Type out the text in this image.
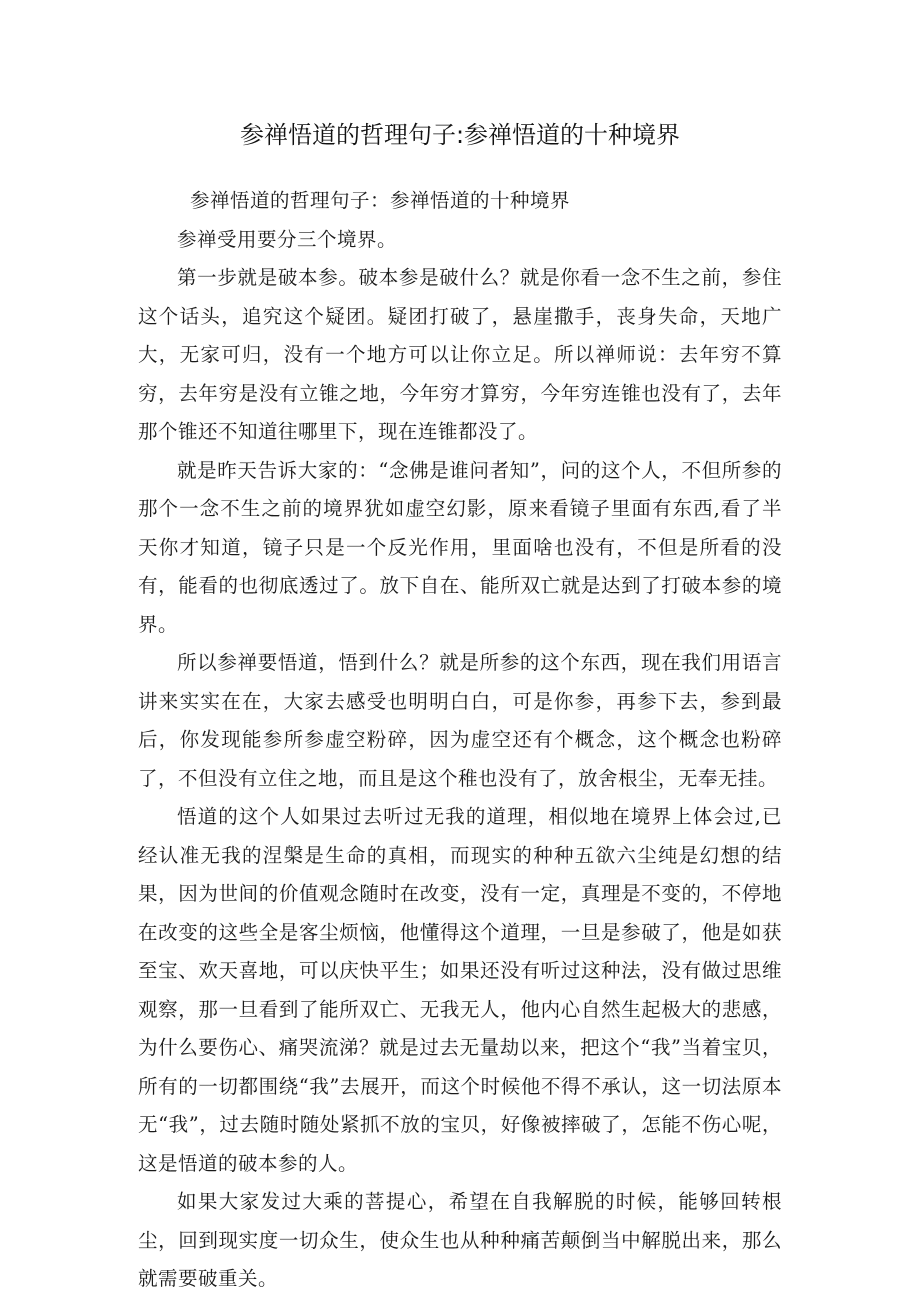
参禅悟道的哲理句子:参禅悟道的十种境界

参禅悟道的哲理句子：参禅悟道的十种境界

参禅受用要分三个境界。

第一步就是破本参。破本参是破什么？就是你看一念不生之前，参住这个话头，追究这个疑团。疑团打破了，悬崖撒手，丧身失命，天地广大，无家可归，没有一个地方可以让你立足。所以禅师说：去年穷不算穷，去年穷是没有立锥之地，今年穷才算穷，今年穷连锥也没有了，去年那个锥还不知道往哪里下，现在连锥都没了。

就是昨天告诉大家的：“念佛是谁问者知”，问的这个人，不但所参的那个一念不生之前的境界犹如虚空幻影，原来看镜子里面有东西,看了半天你才知道，镜子只是一个反光作用，里面啥也没有，不但是所看的没有，能看的也彻底透过了。放下自在、能所双亡就是达到了打破本参的境界。

所以参禅要悟道，悟到什么？就是所参的这个东西，现在我们用语言讲来实实在在，大家去感受也明明白白，可是你参，再参下去，参到最后，你发现能参所参虚空粉碎，因为虚空还有个概念，这个概念也粉碎了，不但没有立住之地，而且是这个稚也没有了，放舍根尘，无奉无挂。

悟道的这个人如果过去听过无我的道理，相似地在境界上体会过,已经认准无我的涅槃是生命的真相，而现实的种种五欲六尘纯是幻想的结果，因为世间的价值观念随时在改变，没有一定，真理是不变的，不停地在改变的这些全是客尘烦恼，他懂得这个道理，一旦是参破了，他是如获至宝、欢天喜地，可以庆快平生；如果还没有听过这种法，没有做过思维观察，那一旦看到了能所双亡、无我无人，他内心自然生起极大的悲感，为什么要伤心、痛哭流涕？就是过去无量劫以来，把这个“我”当着宝贝，所有的一切都围绕“我”去展开，而这个时候他不得不承认，这一切法原本无“我”，过去随时随处紧抓不放的宝贝，好像被摔破了，怎能不伤心呢，这是悟道的破本参的人。

如果大家发过大乘的菩提心，希望在自我解脱的时候，能够回转根尘，回到现实度一切众生，使众生也从种种痛苦颠倒当中解脱出来，那么就需要破重关。
